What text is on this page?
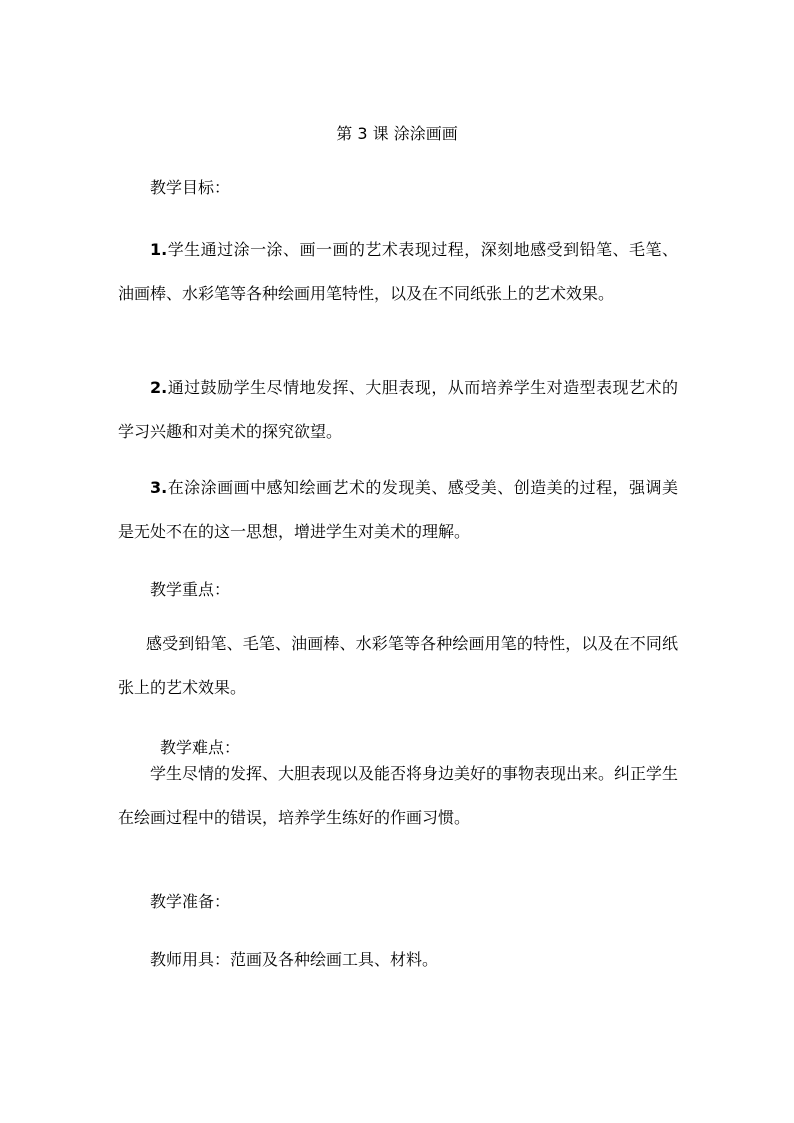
第 3 课 涂涂画画
教学目标：
1.学生通过涂一涂、画一画的艺术表现过程，深刻地感受到铅笔、毛笔、油画棒、水彩笔等各种绘画用笔特性，以及在不同纸张上的艺术效果。
2.通过鼓励学生尽情地发挥、大胆表现，从而培养学生对造型表现艺术的学习兴趣和对美术的探究欲望。
3.在涂涂画画中感知绘画艺术的发现美、感受美、创造美的过程，强调美是无处不在的这一思想，增进学生对美术的理解。
教学重点：
感受到铅笔、毛笔、油画棒、水彩笔等各种绘画用笔的特性，以及在不同纸张上的艺术效果。
教学难点：
学生尽情的发挥、大胆表现以及能否将身边美好的事物表现出来。纠正学生在绘画过程中的错误，培养学生练好的作画习惯。
教学准备：
教师用具：范画及各种绘画工具、材料。
